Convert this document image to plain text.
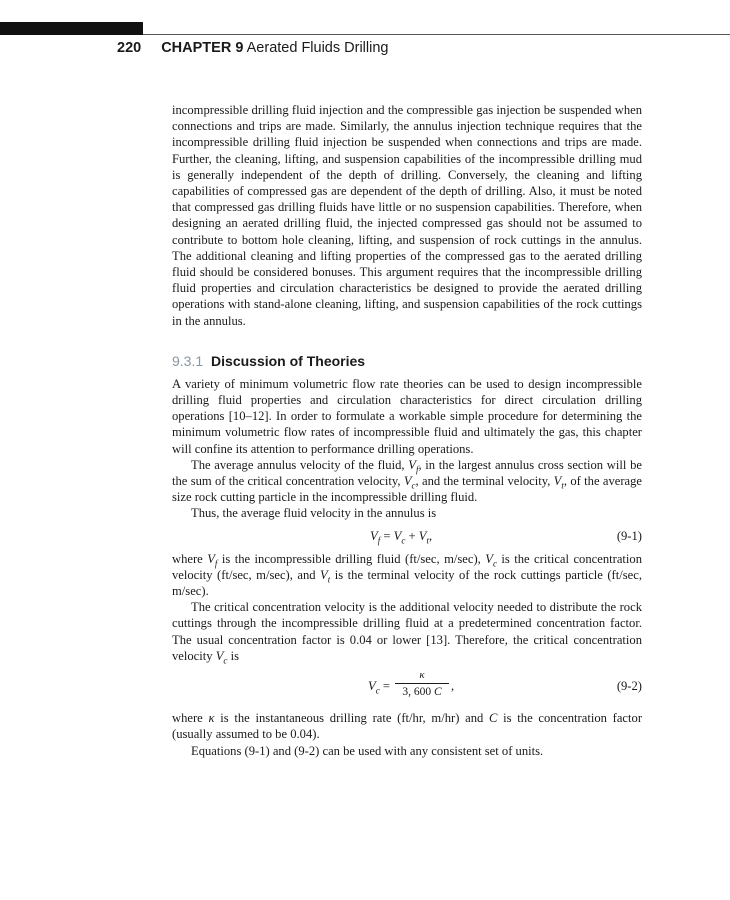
220 CHAPTER 9 Aerated Fluids Drilling

incompressible drilling fluid injection and the compressible gas injection be suspended when connections and trips are made. Similarly, the annulus injection technique requires that the incompressible drilling fluid injection be suspended when connections and trips are made. Further, the cleaning, lifting, and suspension capabilities of the incompressible drilling mud is generally independent of the depth of drilling. Conversely, the cleaning and lifting capabilities of compressed gas are dependent of the depth of drilling. Also, it must be noted that compressed gas drilling fluids have little or no suspension capabilities. Therefore, when designing an aerated drilling fluid, the injected compressed gas should not be assumed to contribute to bottom hole cleaning, lifting, and suspension of rock cuttings in the annulus. The additional cleaning and lifting properties of the compressed gas to the aerated drilling fluid should be considered bonuses. This argument requires that the incompressible drilling fluid properties and circulation characteristics be designed to provide the aerated drilling operations with stand-alone cleaning, lifting, and suspension capabilities of the rock cuttings in the annulus.

9.3.1 Discussion of Theories

A variety of minimum volumetric flow rate theories can be used to design incompressible drilling fluid properties and circulation characteristics for direct circulation drilling operations [10–12]. In order to formulate a workable simple procedure for determining the minimum volumetric flow rates of incompressible fluid and ultimately the gas, this chapter will confine its attention to performance drilling operations.

The average annulus velocity of the fluid, $V_f$, in the largest annulus cross section will be the sum of the critical concentration velocity, $V_c$, and the terminal velocity, $V_t$, of the average size rock cutting particle in the incompressible drilling fluid.

Thus, the average fluid velocity in the annulus is

$V_f = V_c + V_t$,	(9-1)

where $V_f$ is the incompressible drilling fluid (ft/sec, m/sec), $V_c$ is the critical concentration velocity (ft/sec, m/sec), and $V_t$ is the terminal velocity of the rock cuttings particle (ft/sec, m/sec).

The critical concentration velocity is the additional velocity needed to distribute the rock cuttings through the incompressible drilling fluid at a predetermined concentration factor. The usual concentration factor is 0.04 or lower [13]. Therefore, the critical concentration velocity $V_c$ is

$V_c$ =
κ
3, 600 C ,	(9-2)

where κ is the instantaneous drilling rate (ft/hr, m/hr) and C is the concentration factor (usually assumed to be 0.04).

Equations (9-1) and (9-2) can be used with any consistent set of units.
